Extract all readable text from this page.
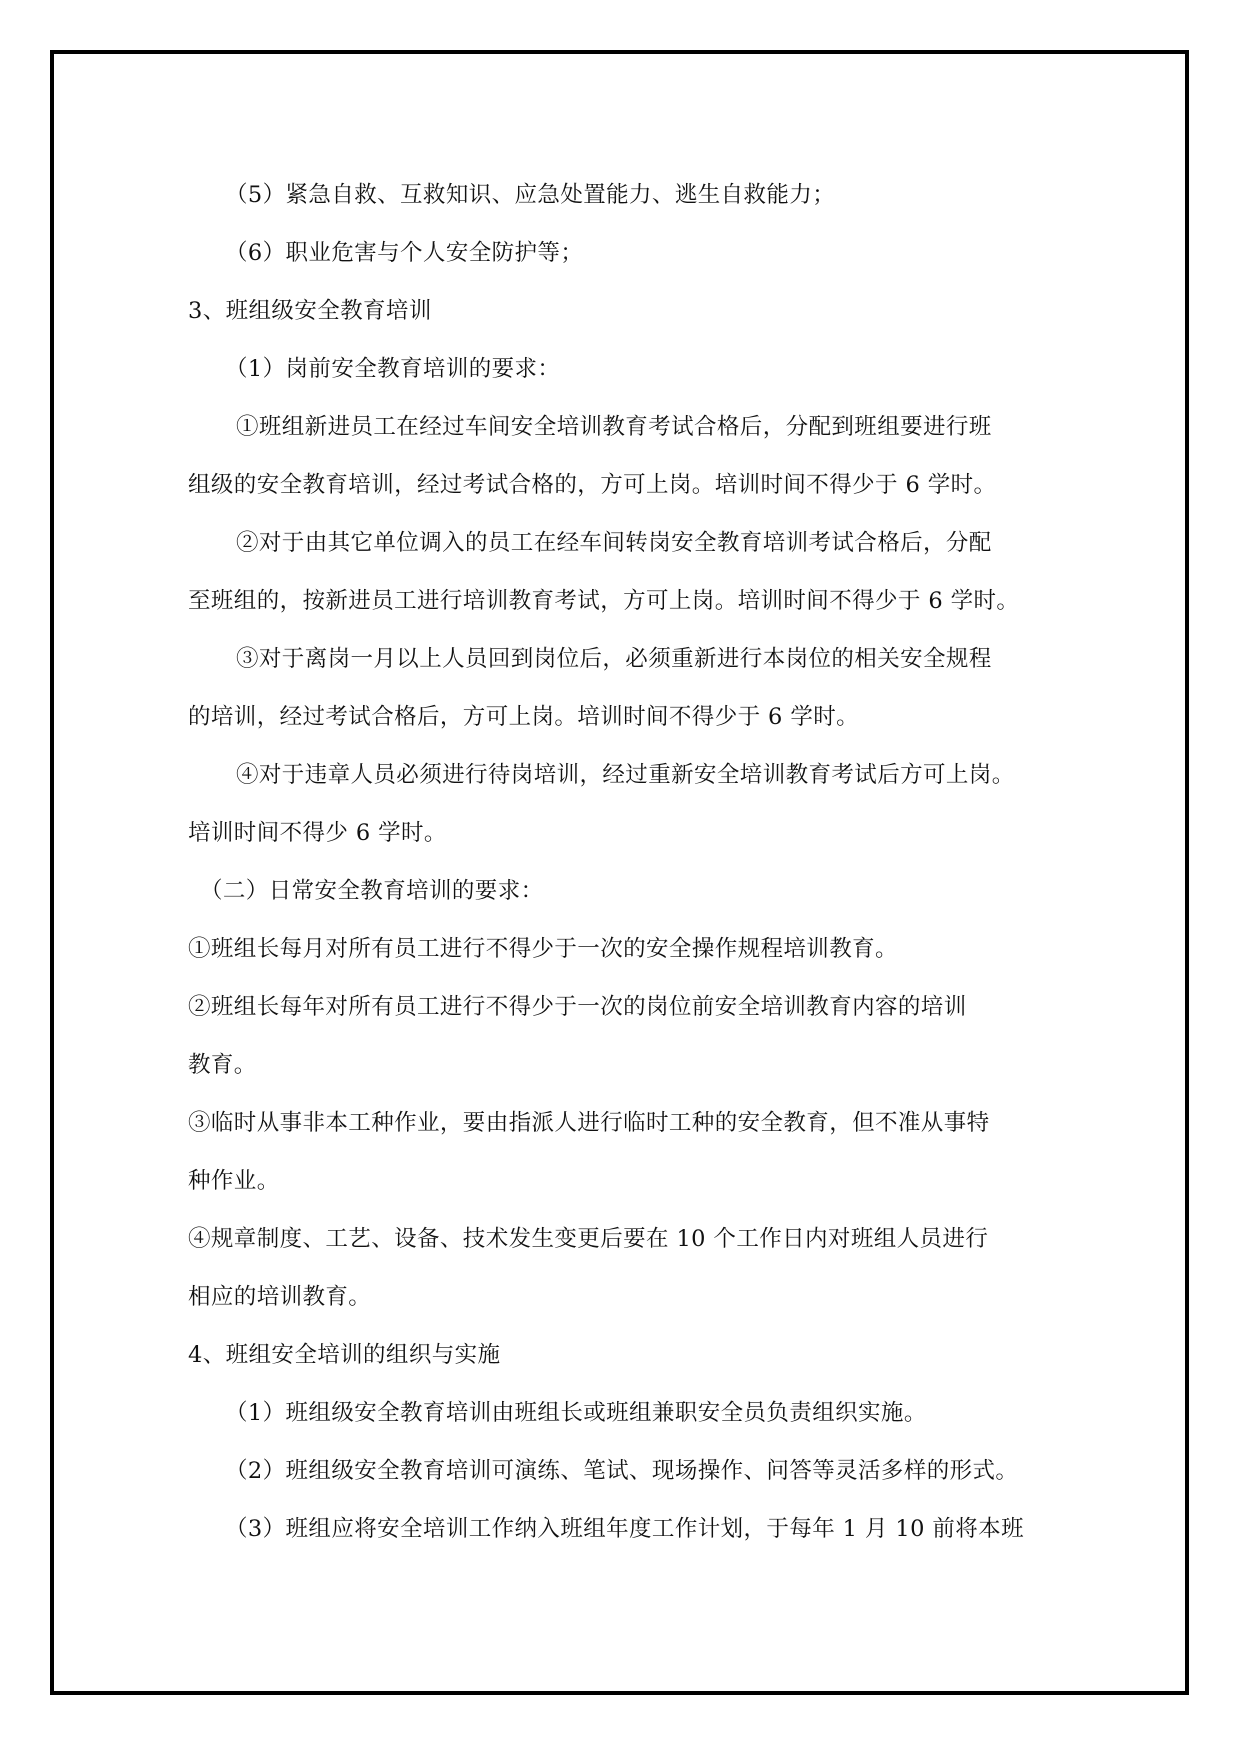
（5）紧急自救、互救知识、应急处置能力、逃生自救能力；
（6）职业危害与个人安全防护等；
3、班组级安全教育培训
（1）岗前安全教育培训的要求：
①班组新进员工在经过车间安全培训教育考试合格后，分配到班组要进行班
组级的安全教育培训，经过考试合格的，方可上岗。培训时间不得少于 6 学时。
②对于由其它单位调入的员工在经车间转岗安全教育培训考试合格后，分配
至班组的，按新进员工进行培训教育考试，方可上岗。培训时间不得少于 6 学时。
③对于离岗一月以上人员回到岗位后，必须重新进行本岗位的相关安全规程
的培训，经过考试合格后，方可上岗。培训时间不得少于 6 学时。
④对于违章人员必须进行待岗培训，经过重新安全培训教育考试后方可上岗。
培训时间不得少 6 学时。
（二）日常安全教育培训的要求：
①班组长每月对所有员工进行不得少于一次的安全操作规程培训教育。
②班组长每年对所有员工进行不得少于一次的岗位前安全培训教育内容的培训
教育。
③临时从事非本工种作业，要由指派人进行临时工种的安全教育，但不准从事特
种作业。
④规章制度、工艺、设备、技术发生变更后要在 10 个工作日内对班组人员进行
相应的培训教育。
4、班组安全培训的组织与实施
（1）班组级安全教育培训由班组长或班组兼职安全员负责组织实施。
（2）班组级安全教育培训可演练、笔试、现场操作、问答等灵活多样的形式。
（3）班组应将安全培训工作纳入班组年度工作计划，于每年 1 月 10 前将本班
